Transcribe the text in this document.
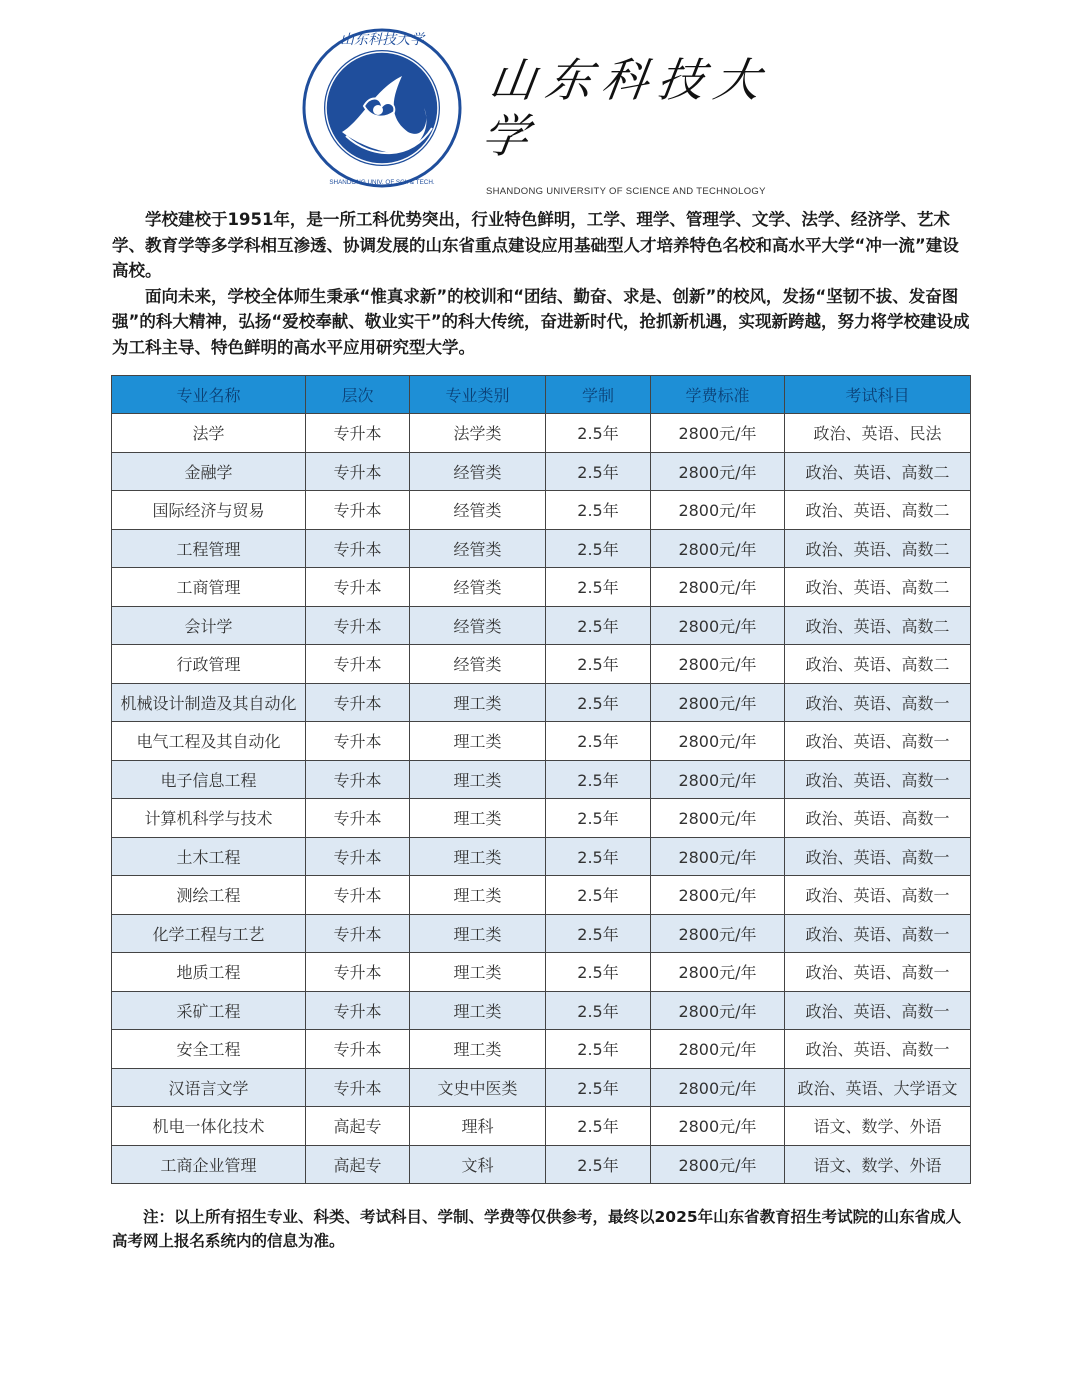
山东科技大学
SHANDONG UNIV. OF SCI. & TECH.
山东科技大学
SHANDONG UNIVERSITY OF SCIENCE AND TECHNOLOGY

学校建校于1951年，是一所工科优势突出，行业特色鲜明，工学、理学、管理学、文学、法学、经济学、艺术学、教育学等多学科相互渗透、协调发展的山东省重点建设应用基础型人才培养特色名校和高水平大学“冲一流”建设高校。

面向未来，学校全体师生秉承“惟真求新”的校训和“团结、勤奋、求是、创新”的校风，发扬“坚韧不拔、发奋图强”的科大精神，弘扬“爱校奉献、敬业实干”的科大传统，奋进新时代，抢抓新机遇，实现新跨越，努力将学校建设成为工科主导、特色鲜明的高水平应用研究型大学。

专业名称	层次	专业类别	学制	学费标准	考试科目
法学	专升本	法学类	2.5年	2800元/年	政治、英语、民法
金融学	专升本	经管类	2.5年	2800元/年	政治、英语、高数二
国际经济与贸易	专升本	经管类	2.5年	2800元/年	政治、英语、高数二
工程管理	专升本	经管类	2.5年	2800元/年	政治、英语、高数二
工商管理	专升本	经管类	2.5年	2800元/年	政治、英语、高数二
会计学	专升本	经管类	2.5年	2800元/年	政治、英语、高数二
行政管理	专升本	经管类	2.5年	2800元/年	政治、英语、高数二
机械设计制造及其自动化	专升本	理工类	2.5年	2800元/年	政治、英语、高数一
电气工程及其自动化	专升本	理工类	2.5年	2800元/年	政治、英语、高数一
电子信息工程	专升本	理工类	2.5年	2800元/年	政治、英语、高数一
计算机科学与技术	专升本	理工类	2.5年	2800元/年	政治、英语、高数一
土木工程	专升本	理工类	2.5年	2800元/年	政治、英语、高数一
测绘工程	专升本	理工类	2.5年	2800元/年	政治、英语、高数一
化学工程与工艺	专升本	理工类	2.5年	2800元/年	政治、英语、高数一
地质工程	专升本	理工类	2.5年	2800元/年	政治、英语、高数一
采矿工程	专升本	理工类	2.5年	2800元/年	政治、英语、高数一
安全工程	专升本	理工类	2.5年	2800元/年	政治、英语、高数一
汉语言文学	专升本	文史中医类	2.5年	2800元/年	政治、英语、大学语文
机电一体化技术	高起专	理科	2.5年	2800元/年	语文、数学、外语
工商企业管理	高起专	文科	2.5年	2800元/年	语文、数学、外语
注：以上所有招生专业、科类、考试科目、学制、学费等仅供参考，最终以2025年山东省教育招生考试院的山东省成人高考网上报名系统内的信息为准。
